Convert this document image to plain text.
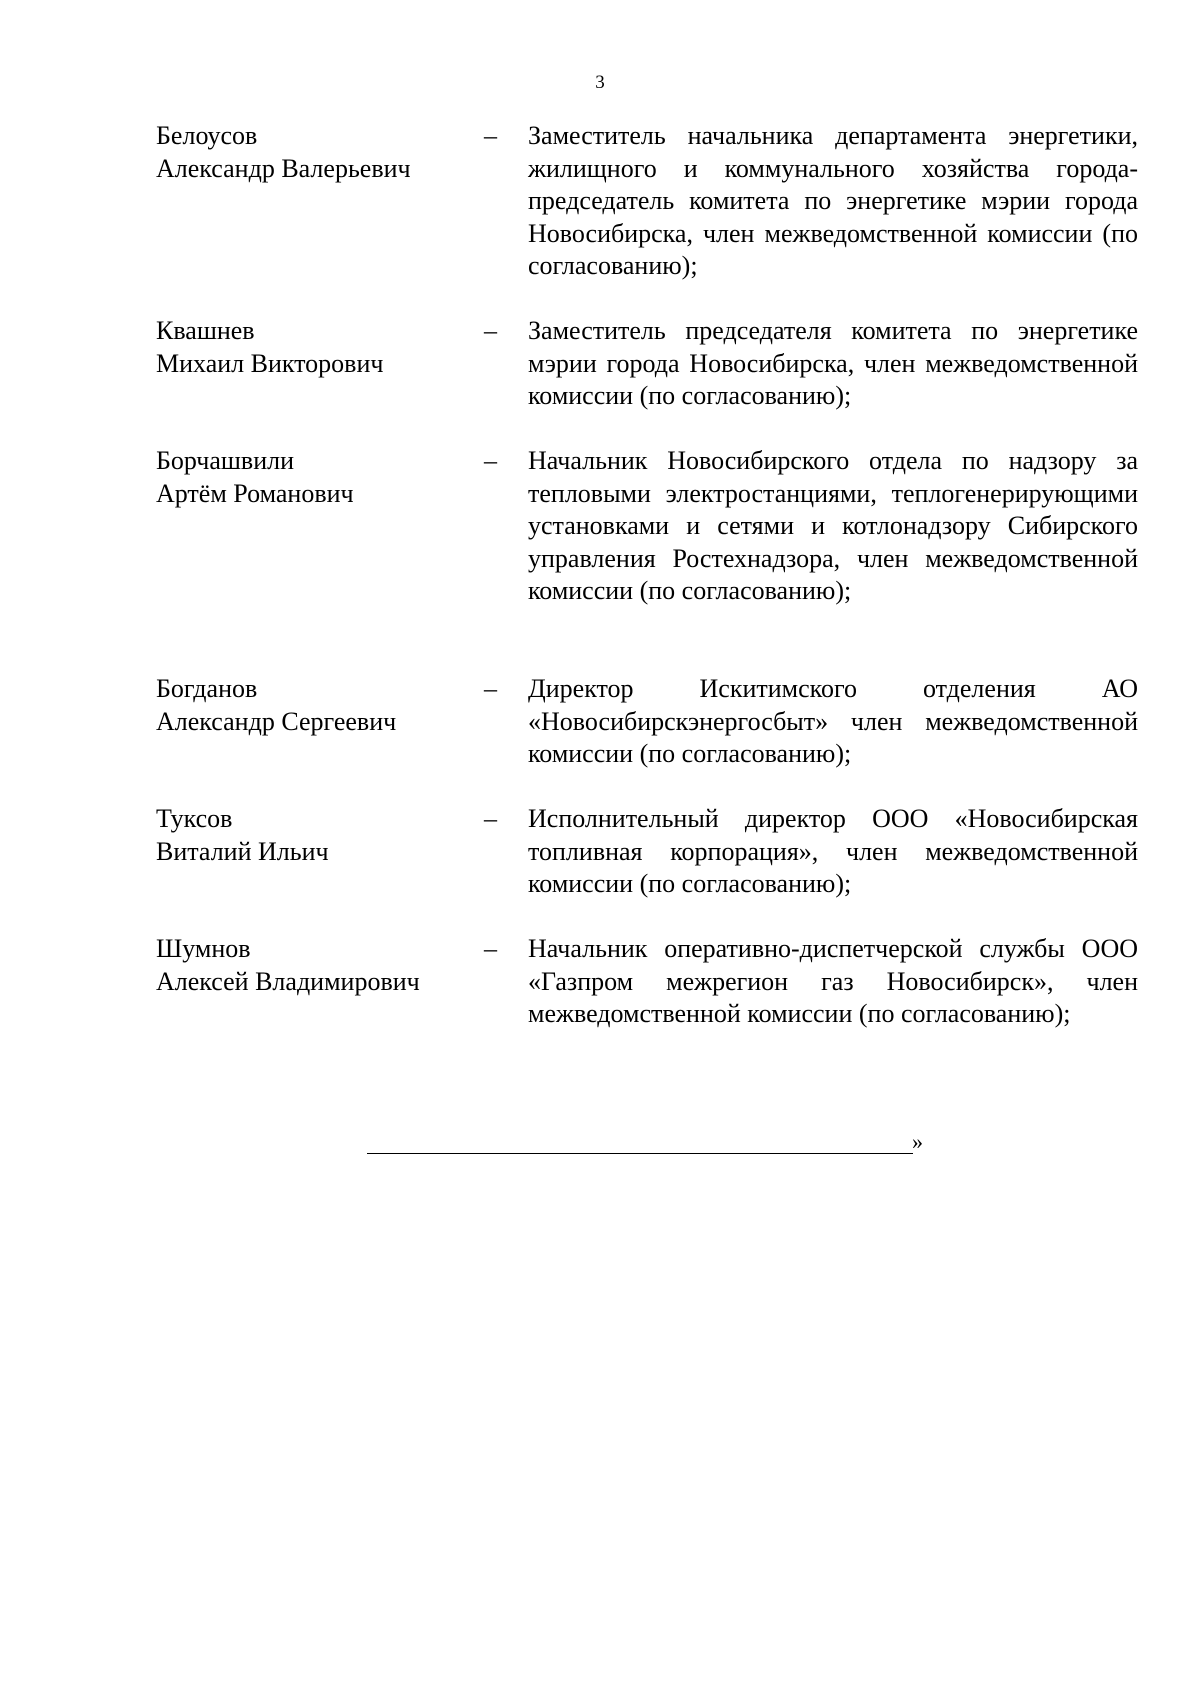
3
Белоусов
Александр Валерьевич
– Заместитель начальника департамента энергетики, жилищного и коммунального хозяйства города-председатель комитета по энергетике мэрии города Новосибирска, член межведомственной комиссии (по согласованию);
Квашнев
Михаил Викторович
– Заместитель председателя комитета по энергетике мэрии города Новосибирска, член межведомственной комиссии (по согласованию);
Борчашвили
Артём Романович
– Начальник Новосибирского отдела по надзору за тепловыми электростанциями, теплогенерирующими установками и сетями и котлонадзору Сибирского управления Ростехнадзора, член межведомственной комиссии (по согласованию);
Богданов
Александр Сергеевич
– Директор Искитимского отделения АО «Новосибирскэнергосбыт» член межведомственной комиссии (по согласованию);
Туксов
Виталий Ильич
– Исполнительный директор ООО «Новосибирская топливная корпорация», член межведомственной комиссии (по согласованию);
Шумнов
Алексей Владимирович
– Начальник оперативно-диспетчерской службы ООО «Газпром межрегион газ Новосибирск», член межведомственной комиссии (по согласованию);
»
